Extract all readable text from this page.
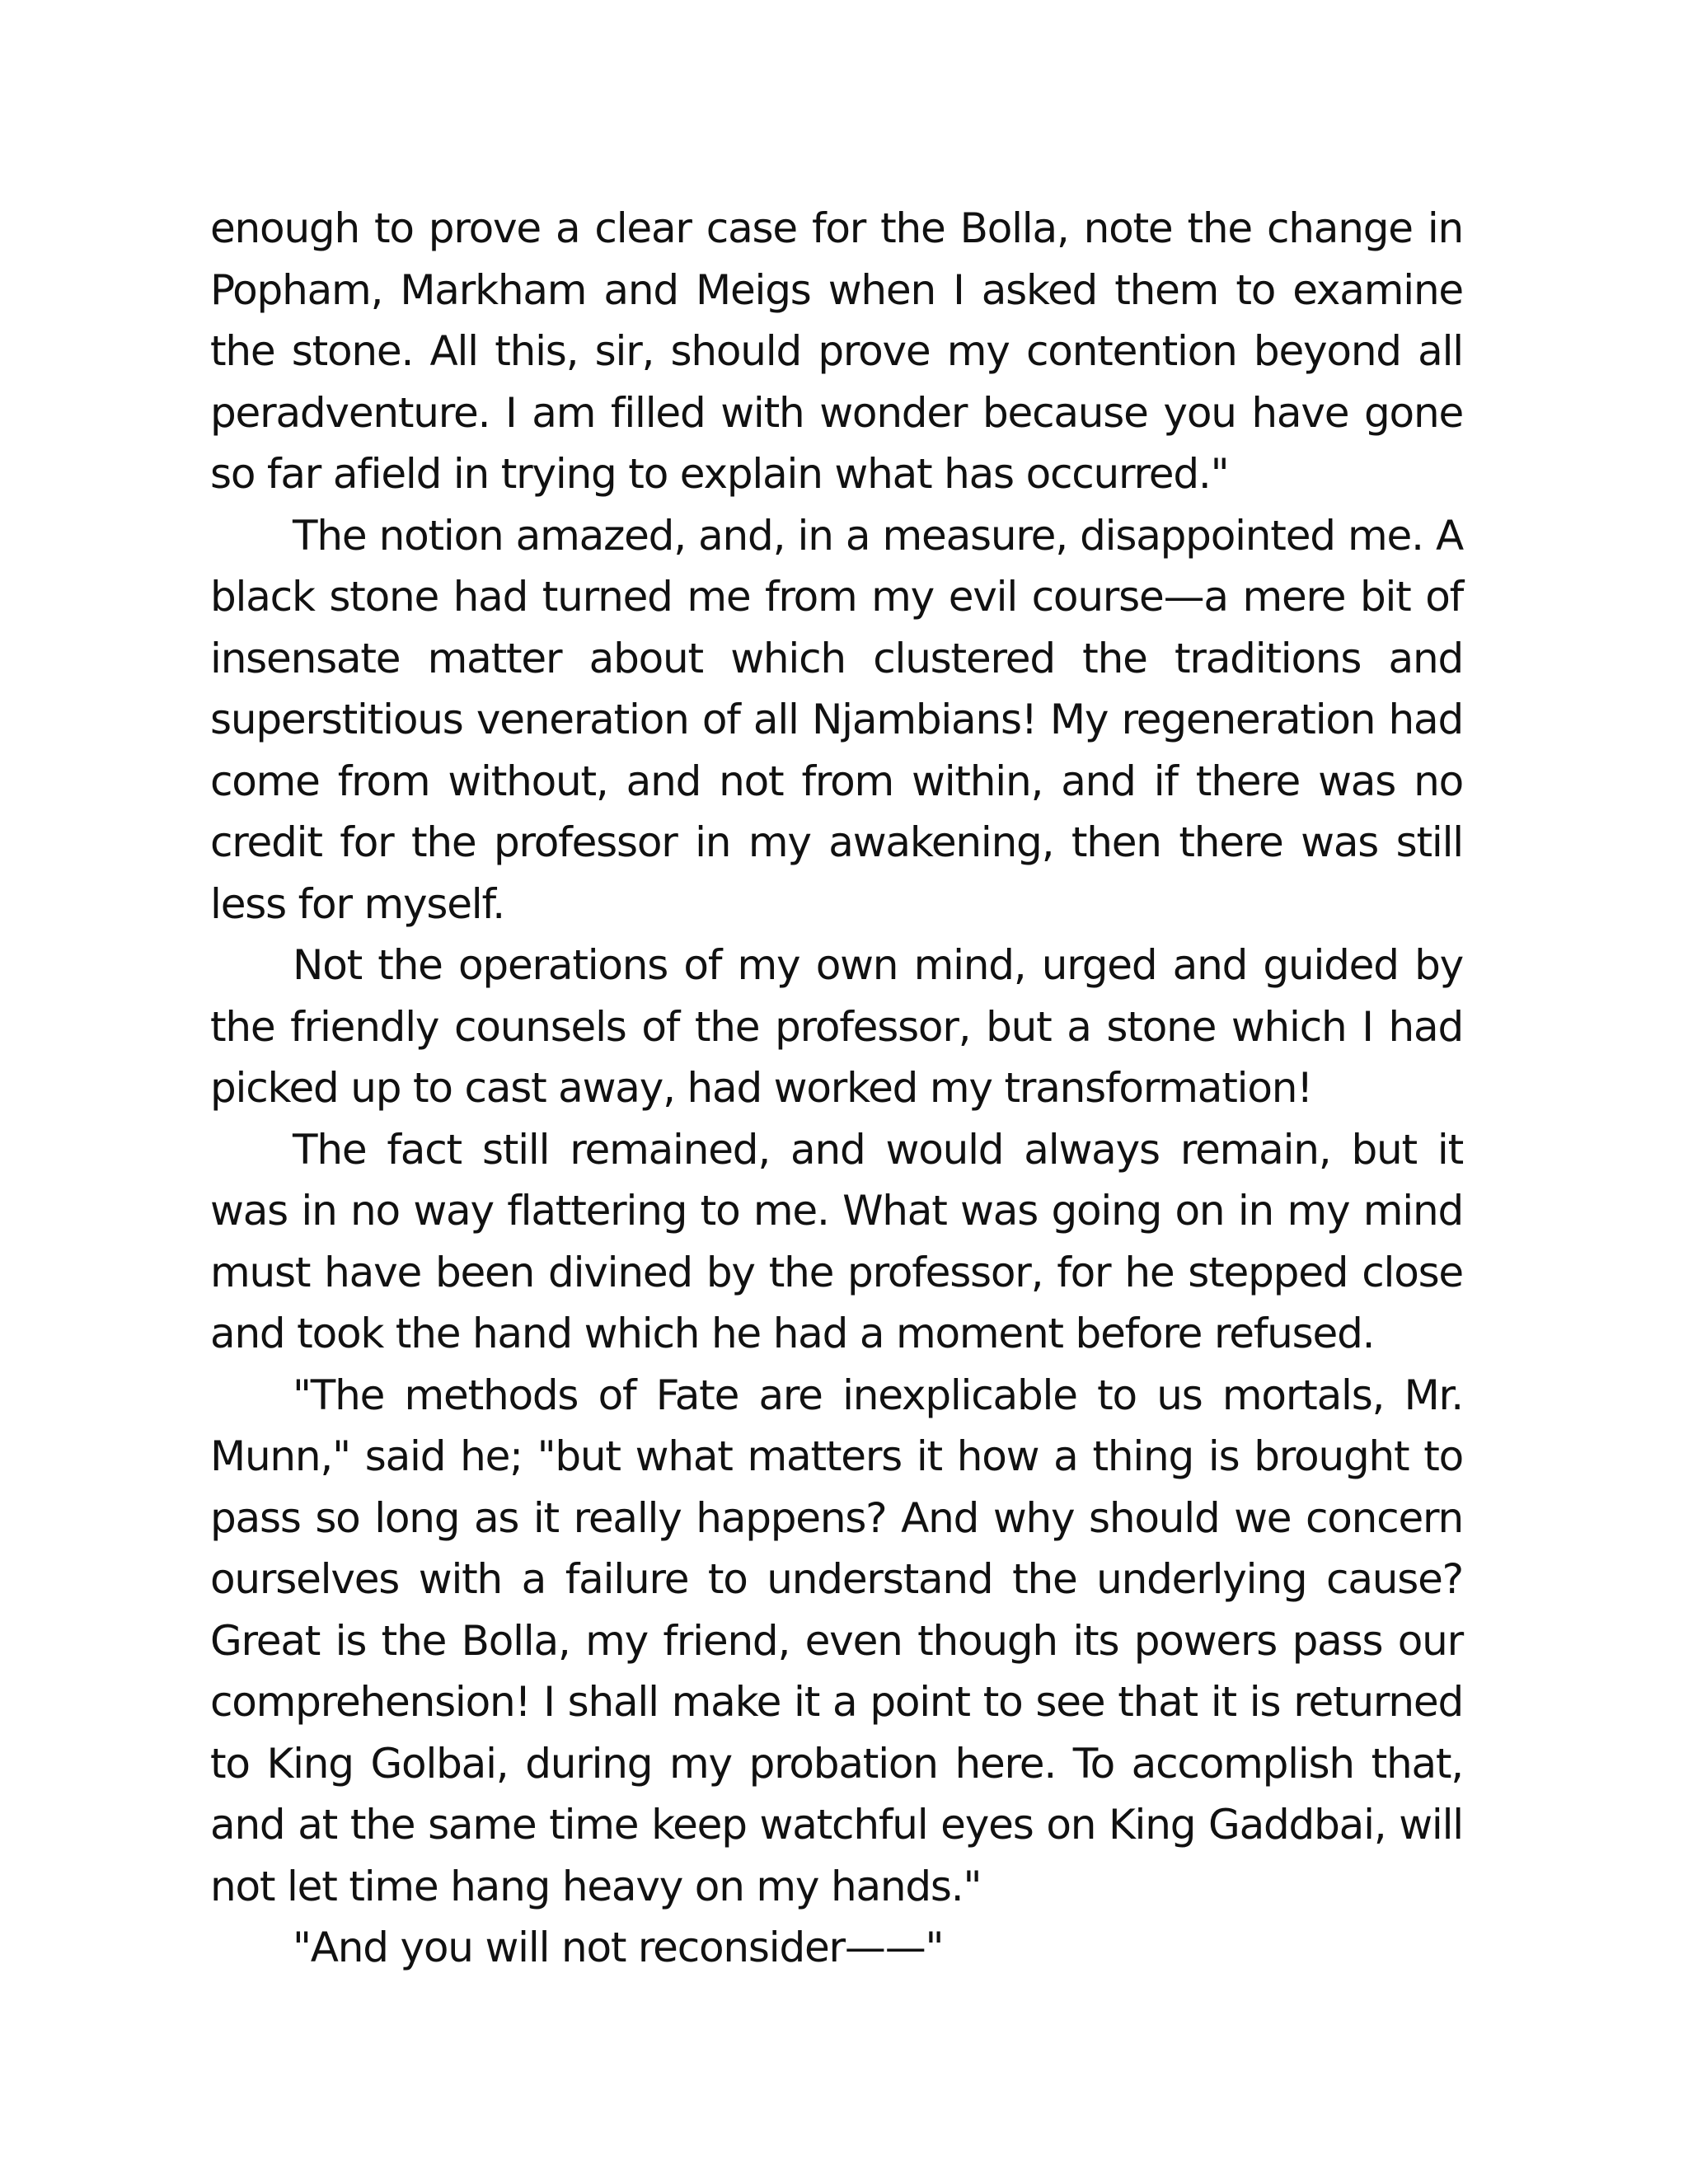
enough to prove a clear case for the Bolla, note the change in Popham, Markham and Meigs when I asked them to examine the stone. All this, sir, should prove my contention beyond all peradventure. I am filled with wonder because you have gone so far afield in trying to explain what has occurred."

The notion amazed, and, in a measure, disappointed me. A black stone had turned me from my evil course—a mere bit of insensate matter about which clustered the traditions and superstitious veneration of all Njambians! My regeneration had come from without, and not from within, and if there was no credit for the professor in my awakening, then there was still less for myself.

Not the operations of my own mind, urged and guided by the friendly counsels of the professor, but a stone which I had picked up to cast away, had worked my transformation!

The fact still remained, and would always remain, but it was in no way flattering to me. What was going on in my mind must have been divined by the professor, for he stepped close and took the hand which he had a moment before refused.

"The methods of Fate are inexplicable to us mortals, Mr. Munn," said he; "but what matters it how a thing is brought to pass so long as it really happens? And why should we concern ourselves with a failure to understand the underlying cause? Great is the Bolla, my friend, even though its powers pass our comprehension! I shall make it a point to see that it is returned to King Golbai, during my probation here. To accomplish that, and at the same time keep watchful eyes on King Gaddbai, will not let time hang heavy on my hands."

"And you will not reconsider——"
